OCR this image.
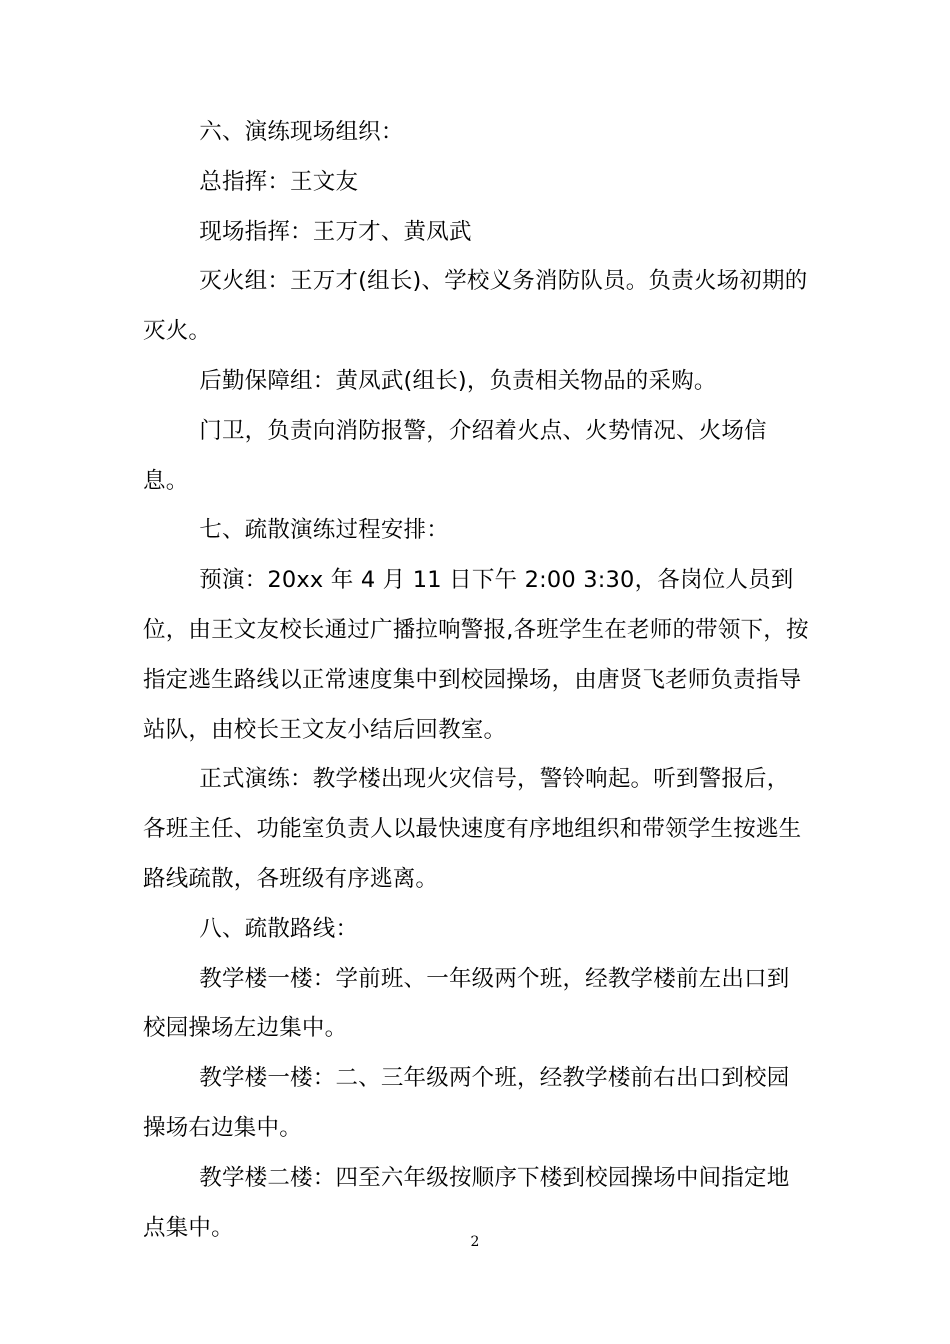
六、演练现场组织：

总指挥：王文友

现场指挥：王万才、黄凤武

灭火组：王万才(组长)、学校义务消防队员。负责火场初期的灭火。

后勤保障组：黄凤武(组长)，负责相关物品的采购。

门卫，负责向消防报警，介绍着火点、火势情况、火场信息。

七、疏散演练过程安排：

预演：20xx 年 4 月 11 日下午 2:00 3:30，各岗位人员到位，由王文友校长通过广播拉响警报,各班学生在老师的带领下，按指定逃生路线以正常速度集中到校园操场，由唐贤飞老师负责指导站队，由校长王文友小结后回教室。

正式演练：教学楼出现火灾信号，警铃响起。听到警报后，各班主任、功能室负责人以最快速度有序地组织和带领学生按逃生路线疏散，各班级有序逃离。

八、疏散路线：

教学楼一楼：学前班、一年级两个班，经教学楼前左出口到校园操场左边集中。

教学楼一楼：二、三年级两个班，经教学楼前右出口到校园操场右边集中。

教学楼二楼：四至六年级按顺序下楼到校园操场中间指定地点集中。

2
